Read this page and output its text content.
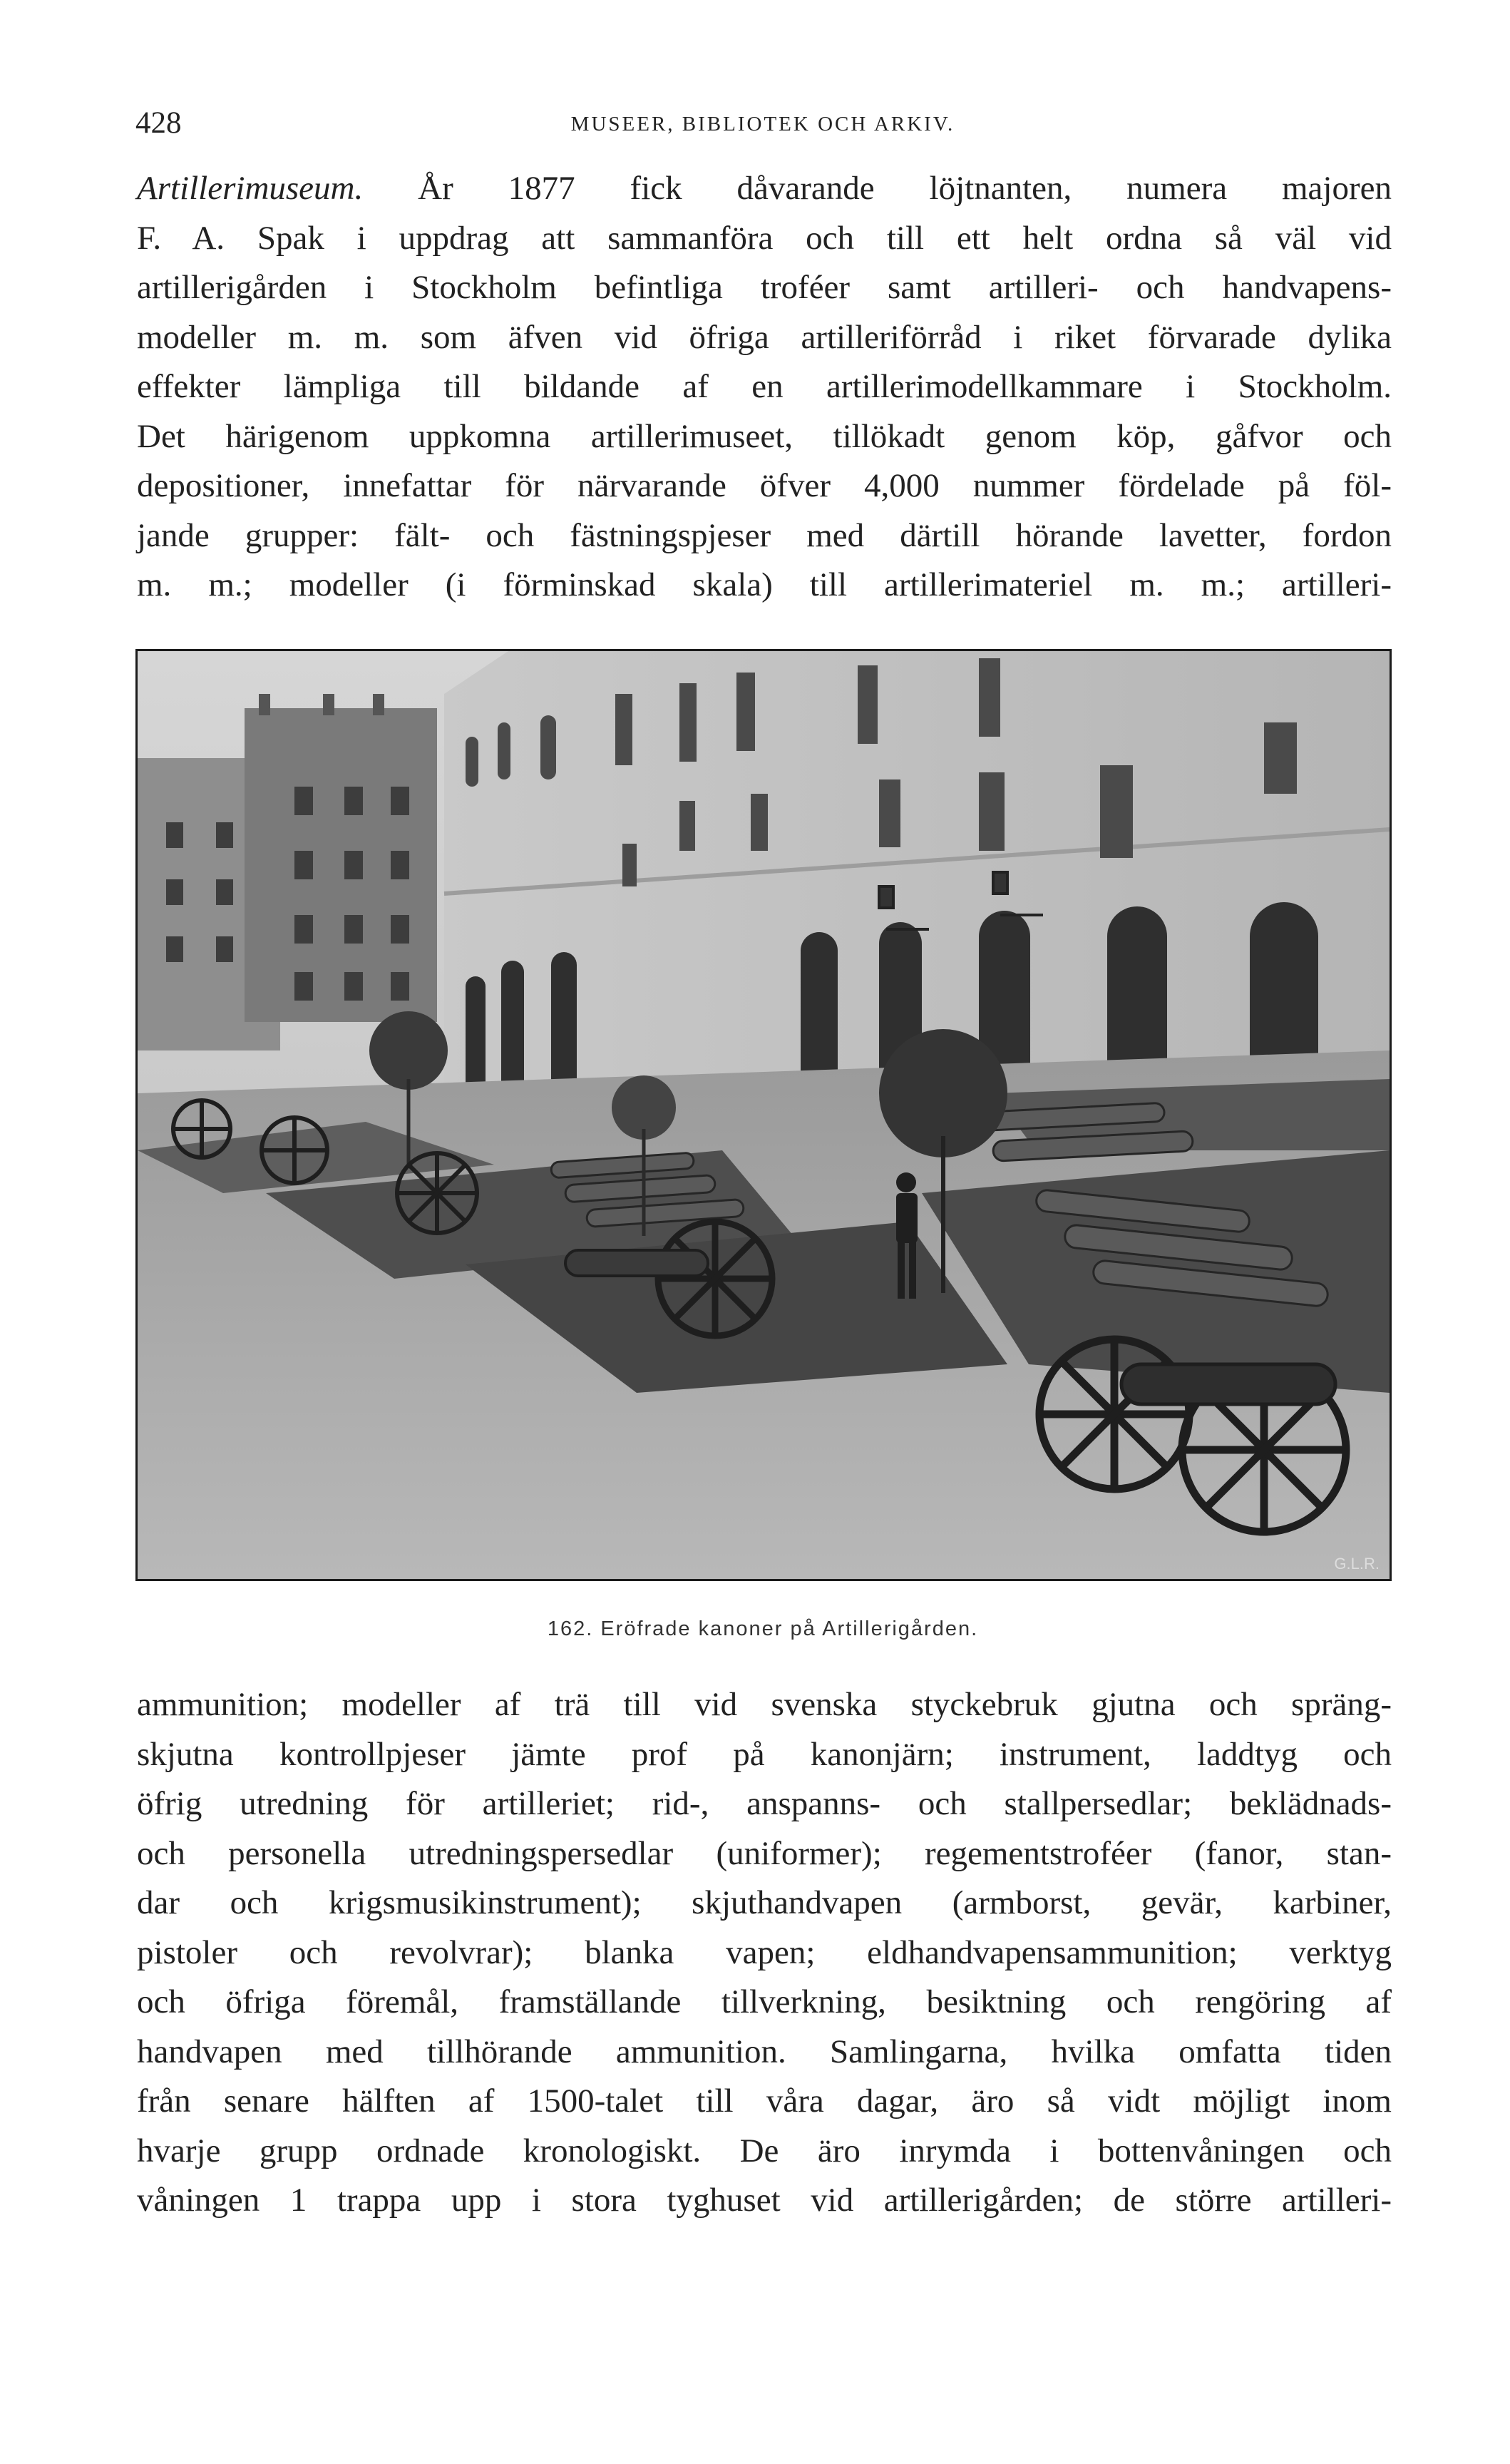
428	MUSEER, BIBLIOTEK OCH ARKIV.
Artillerimuseum. År 1877 fick dåvarande löjtnanten, numera majoren
F. A. Spak i uppdrag att sammanföra och till ett helt ordna så väl vid
artillerigården i Stockholm befintliga troféer samt artilleri- och handvapens-
modeller m. m. som äfven vid öfriga artilleriförråd i riket förvarade dylika
effekter lämpliga till bildande af en artillerimodellkammare i Stockholm.
Det härigenom uppkomna artillerimuseet, tillökadt genom köp, gåfvor och
depositioner, innefattar för närvarande öfver 4,000 nummer fördelade på föl-
jande grupper: fält- och fästningspjeser med därtill hörande lavetter, fordon
m. m.; modeller (i förminskad skala) till artillerimateriel m. m.; artilleri-
G.L.R.
162. Eröfrade kanoner på Artillerigården.
ammunition; modeller af trä till vid svenska styckebruk gjutna och spräng-
skjutna kontrollpjeser jämte prof på kanonjärn; instrument, laddtyg och
öfrig utredning för artilleriet; rid-, anspanns- och stallpersedlar; beklädnads-
och personella utredningspersedlar (uniformer); regementstroféer (fanor, stan-
dar och krigsmusikinstrument); skjuthandvapen (armborst, gevär, karbiner,
pistoler och revolvrar); blanka vapen; eldhandvapensammunition; verktyg
och öfriga föremål, framställande tillverkning, besiktning och rengöring af
handvapen med tillhörande ammunition. Samlingarna, hvilka omfatta tiden
från senare hälften af 1500-talet till våra dagar, äro så vidt möjligt inom
hvarje grupp ordnade kronologiskt. De äro inrymda i bottenvåningen och
våningen 1 trappa upp i stora tyghuset vid artillerigården; de större artilleri-
